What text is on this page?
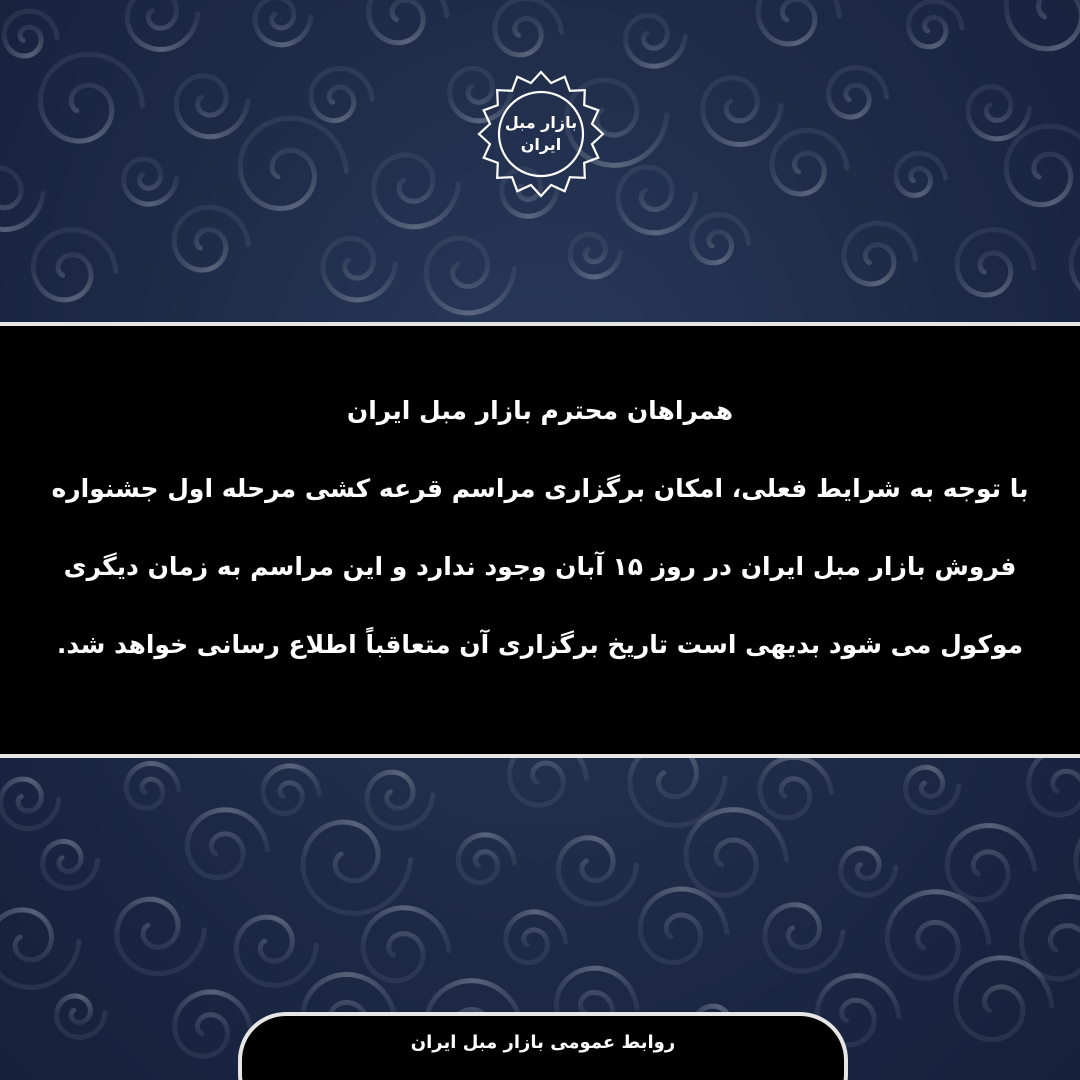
بازار مبل
ایران
همراهان محترم بازار مبل ایران
با توجه به شرایط فعلی، امکان برگزاری مراسم قرعه کشی مرحله اول جشنواره
فروش بازار مبل ایران در روز ۱۵ آبان وجود ندارد و این مراسم به زمان دیگری
موکول می شود بدیهی است تاریخ برگزاری آن متعاقباً اطلاع رسانی خواهد شد.
روابط عمومی بازار مبل ایران
